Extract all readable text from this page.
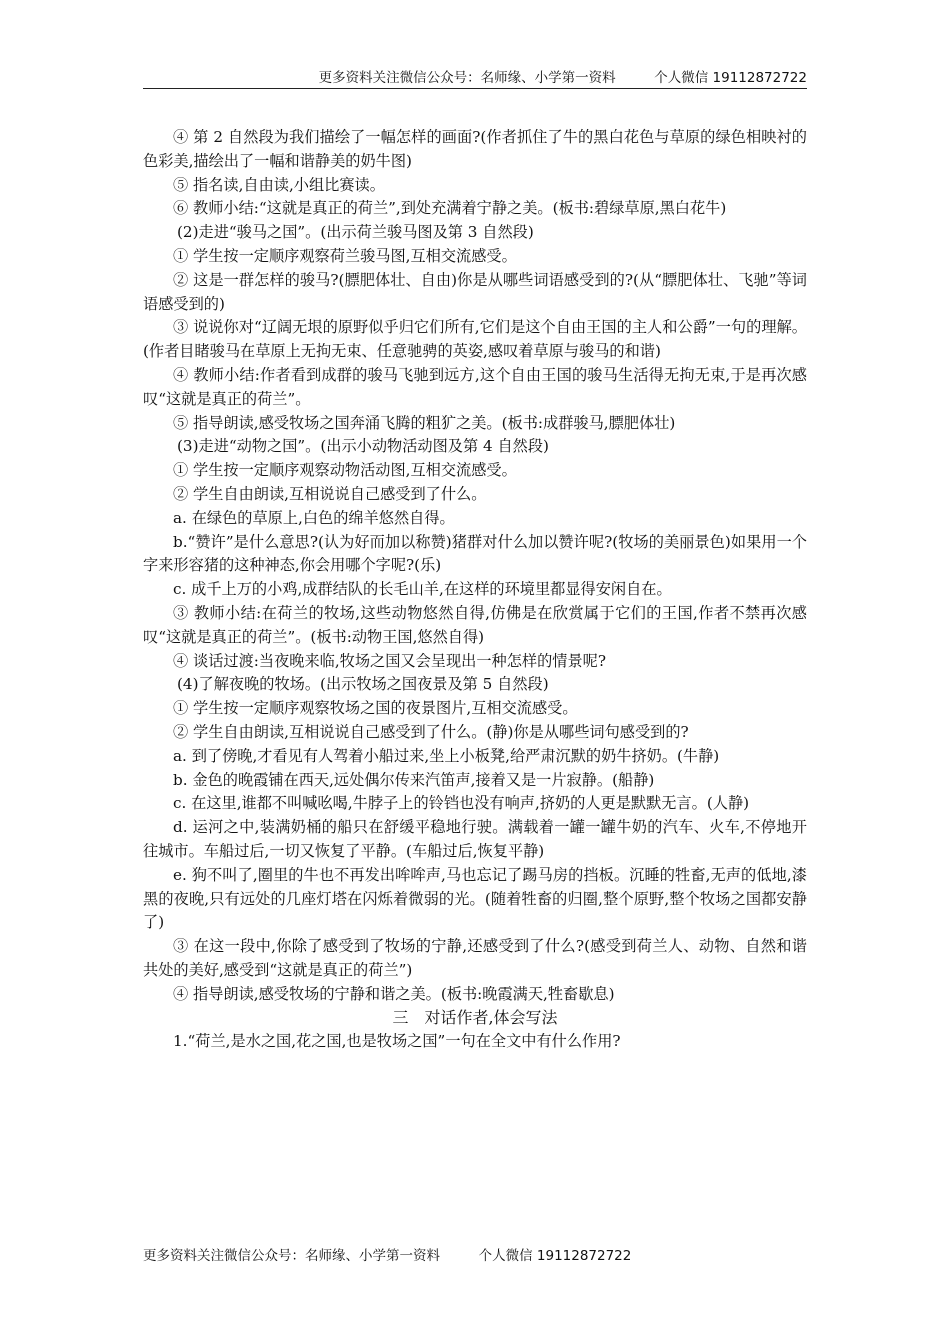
更多资料关注微信公众号：名师缘、小学第一资料	个人微信 19112872722

④ 第 2 自然段为我们描绘了一幅怎样的画面?(作者抓住了牛的黑白花色与草原的绿色相映衬的色彩美,描绘出了一幅和谐静美的奶牛图)

⑤ 指名读,自由读,小组比赛读。

⑥ 教师小结:“这就是真正的荷兰”,到处充满着宁静之美。(板书:碧绿草原,黑白花牛)

(2)走进“骏马之国”。(出示荷兰骏马图及第 3 自然段)

① 学生按一定顺序观察荷兰骏马图,互相交流感受。

② 这是一群怎样的骏马?(膘肥体壮、自由)你是从哪些词语感受到的?(从“膘肥体壮、飞驰”等词语感受到的)

③ 说说你对“辽阔无垠的原野似乎归它们所有,它们是这个自由王国的主人和公爵”一句的理解。(作者目睹骏马在草原上无拘无束、任意驰骋的英姿,感叹着草原与骏马的和谐)

④ 教师小结:作者看到成群的骏马飞驰到远方,这个自由王国的骏马生活得无拘无束,于是再次感叹“这就是真正的荷兰”。

⑤ 指导朗读,感受牧场之国奔涌飞腾的粗犷之美。(板书:成群骏马,膘肥体壮)

(3)走进“动物之国”。(出示小动物活动图及第 4 自然段)

① 学生按一定顺序观察动物活动图,互相交流感受。

② 学生自由朗读,互相说说自己感受到了什么。

a. 在绿色的草原上,白色的绵羊悠然自得。

b.“赞许”是什么意思?(认为好而加以称赞)猪群对什么加以赞许呢?(牧场的美丽景色)如果用一个字来形容猪的这种神态,你会用哪个字呢?(乐)

c. 成千上万的小鸡,成群结队的长毛山羊,在这样的环境里都显得安闲自在。

③ 教师小结:在荷兰的牧场,这些动物悠然自得,仿佛是在欣赏属于它们的王国,作者不禁再次感叹“这就是真正的荷兰”。(板书:动物王国,悠然自得)

④ 谈话过渡:当夜晚来临,牧场之国又会呈现出一种怎样的情景呢?

(4)了解夜晚的牧场。(出示牧场之国夜景及第 5 自然段)

① 学生按一定顺序观察牧场之国的夜景图片,互相交流感受。

② 学生自由朗读,互相说说自己感受到了什么。(静)你是从哪些词句感受到的?

a. 到了傍晚,才看见有人驾着小船过来,坐上小板凳,给严肃沉默的奶牛挤奶。(牛静)

b. 金色的晚霞铺在西天,远处偶尔传来汽笛声,接着又是一片寂静。(船静)

c. 在这里,谁都不叫喊吆喝,牛脖子上的铃铛也没有响声,挤奶的人更是默默无言。(人静)

d. 运河之中,装满奶桶的船只在舒缓平稳地行驶。满载着一罐一罐牛奶的汽车、火车,不停地开往城市。车船过后,一切又恢复了平静。(车船过后,恢复平静)

e. 狗不叫了,圈里的牛也不再发出哞哞声,马也忘记了踢马房的挡板。沉睡的牲畜,无声的低地,漆黑的夜晚,只有远处的几座灯塔在闪烁着微弱的光。(随着牲畜的归圈,整个原野,整个牧场之国都安静了)

③ 在这一段中,你除了感受到了牧场的宁静,还感受到了什么?(感受到荷兰人、动物、自然和谐共处的美好,感受到“这就是真正的荷兰”)

④ 指导朗读,感受牧场的宁静和谐之美。(板书:晚霞满天,牲畜歇息)

三　对话作者,体会写法

1.“荷兰,是水之国,花之国,也是牧场之国”一句在全文中有什么作用?

更多资料关注微信公众号：名师缘、小学第一资料	个人微信 19112872722
